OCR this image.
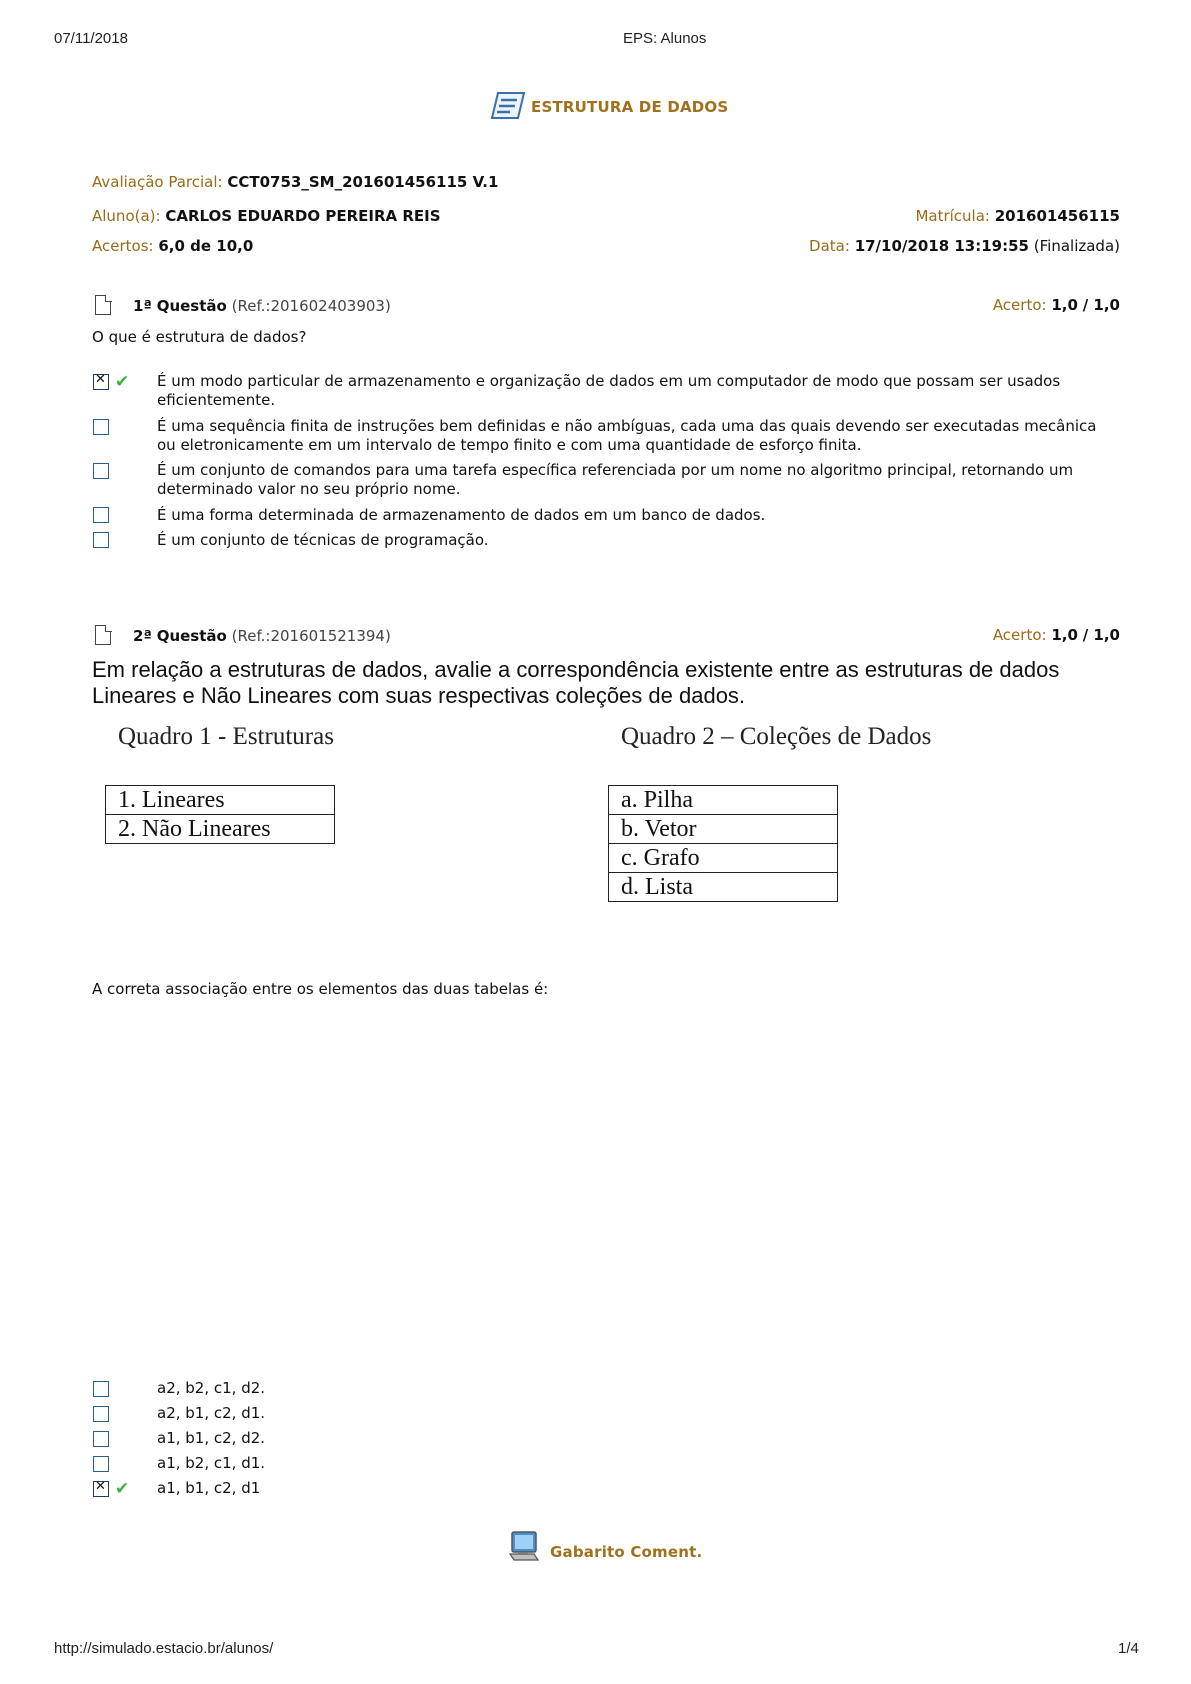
07/11/2018	EPS: Alunos
ESTRUTURA DE DADOS
Avaliação Parcial: CCT0753_SM_201601456115 V.1
Aluno(a): CARLOS EDUARDO PEREIRA REIS	Matrícula: 201601456115
Acertos: 6,0 de 10,0	Data: 17/10/2018 13:19:55 (Finalizada)
1ª Questão (Ref.:201602403903)	Acerto: 1,0 / 1,0
O que é estrutura de dados?
✕
✔ É um modo particular de armazenamento e organização de dados em um computador de modo que possam ser usados eficientemente.
É uma sequência finita de instruções bem definidas e não ambíguas, cada uma das quais devendo ser executadas mecânica ou eletronicamente em um intervalo de tempo finito e com uma quantidade de esforço finita.
É um conjunto de comandos para uma tarefa específica referenciada por um nome no algoritmo principal, retornando um determinado valor no seu próprio nome.
É uma forma determinada de armazenamento de dados em um banco de dados.
É um conjunto de técnicas de programação.
2ª Questão (Ref.:201601521394)	Acerto: 1,0 / 1,0
Em relação a estruturas de dados, avalie a correspondência existente entre as estruturas de dados Lineares e Não Lineares com suas respectivas coleções de dados.
Quadro 1 - Estruturas
1. Lineares
2. Não Lineares
Quadro 2 – Coleções de Dados
a. Pilha
b. Vetor
c. Grafo
d. Lista
A correta associação entre os elementos das duas tabelas é:
a2, b2, c1, d2.
a2, b1, c2, d1.
a1, b1, c2, d2.
a1, b2, c1, d1.
✕
✔ a1, b1, c2, d1
Gabarito Coment.
http://simulado.estacio.br/alunos/	1/4
